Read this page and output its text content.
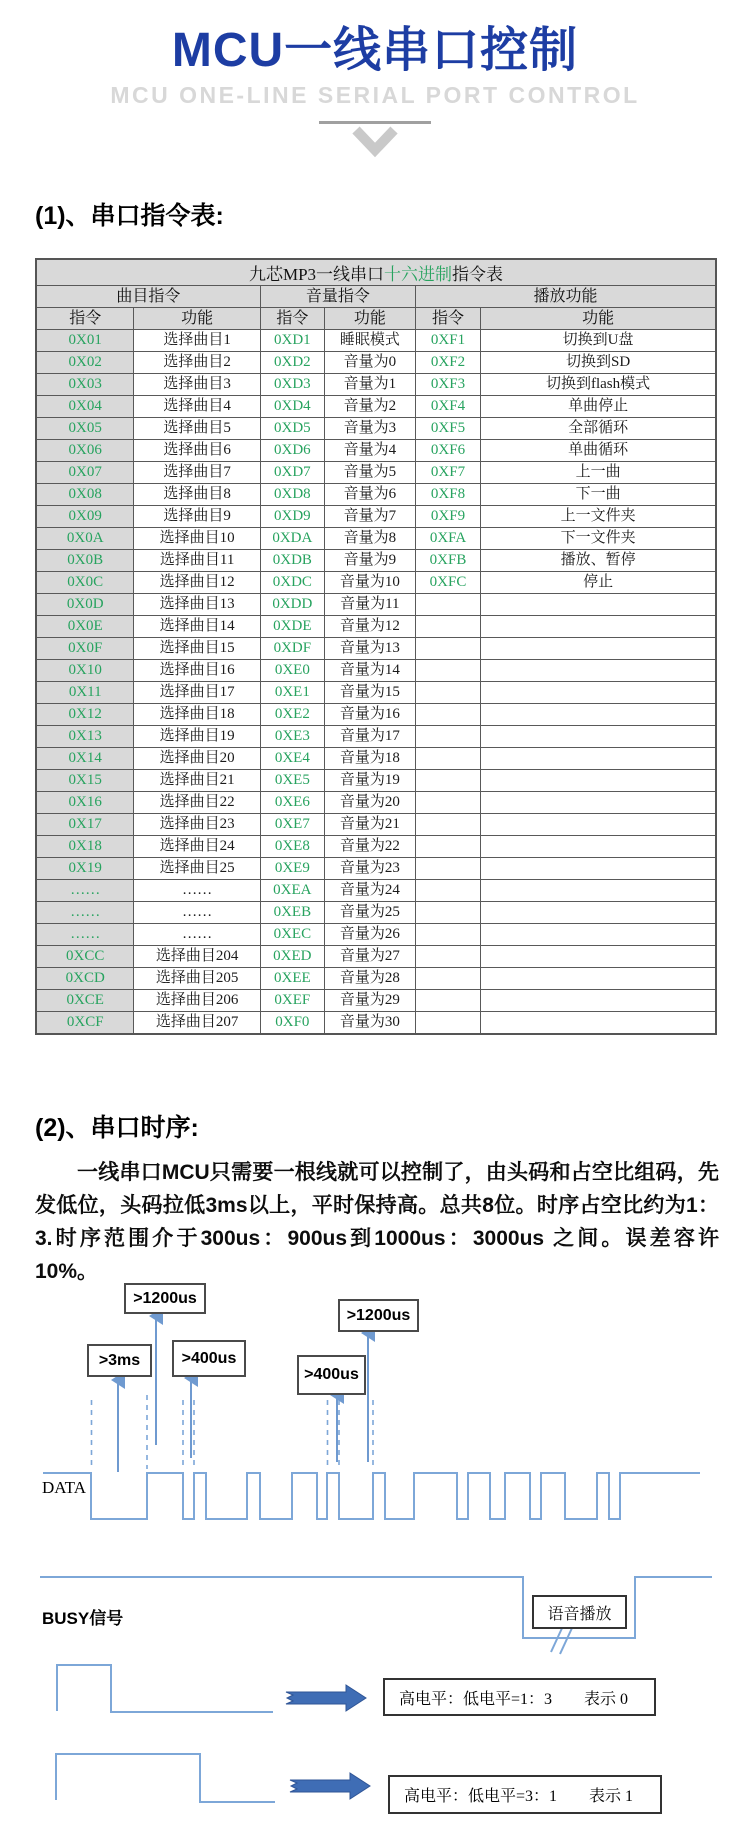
MCU一线串口控制
MCU ONE-LINE SERIAL PORT CONTROL
(1)、串口指令表:
九芯MP3一线串口十六进制指令表					
曲目指令		音量指令		播放功能	
指令	功能	指令	功能	指令	功能
0X01	选择曲目1	0XD1	睡眠模式	0XF1	切换到U盘
0X02	选择曲目2	0XD2	音量为0	0XF2	切换到SD
0X03	选择曲目3	0XD3	音量为1	0XF3	切换到flash模式
0X04	选择曲目4	0XD4	音量为2	0XF4	单曲停止
0X05	选择曲目5	0XD5	音量为3	0XF5	全部循环
0X06	选择曲目6	0XD6	音量为4	0XF6	单曲循环
0X07	选择曲目7	0XD7	音量为5	0XF7	上一曲
0X08	选择曲目8	0XD8	音量为6	0XF8	下一曲
0X09	选择曲目9	0XD9	音量为7	0XF9	上一文件夹
0X0A	选择曲目10	0XDA	音量为8	0XFA	下一文件夹
0X0B	选择曲目11	0XDB	音量为9	0XFB	播放、暂停
0X0C	选择曲目12	0XDC	音量为10	0XFC	停止
0X0D	选择曲目13	0XDD	音量为11		
0X0E	选择曲目14	0XDE	音量为12		
0X0F	选择曲目15	0XDF	音量为13		
0X10	选择曲目16	0XE0	音量为14		
0X11	选择曲目17	0XE1	音量为15		
0X12	选择曲目18	0XE2	音量为16		
0X13	选择曲目19	0XE3	音量为17		
0X14	选择曲目20	0XE4	音量为18		
0X15	选择曲目21	0XE5	音量为19		
0X16	选择曲目22	0XE6	音量为20		
0X17	选择曲目23	0XE7	音量为21		
0X18	选择曲目24	0XE8	音量为22		
0X19	选择曲目25	0XE9	音量为23		
……	……	0XEA	音量为24		
……	……	0XEB	音量为25		
……	……	0XEC	音量为26		
0XCC	选择曲目204	0XED	音量为27		
0XCD	选择曲目205	0XEE	音量为28		
0XCE	选择曲目206	0XEF	音量为29		
0XCF	选择曲目207	0XF0	音量为30		
(2)、串口时序:
一线串口MCU只需要一根线就可以控制了，由头码和占空比组码，先发低位，头码拉低3ms以上，平时保持高。总共8位。时序占空比约为1：3.时序范围介于300us：900us到1000us：3000us 之间。误差容许 10%。
>1200us
>3ms	>400us
>400us
>1200us
DATA
BUSY信号	语音播放
高电平：低电平=1：3　　表示 0
高电平：低电平=3：1　　表示 1
